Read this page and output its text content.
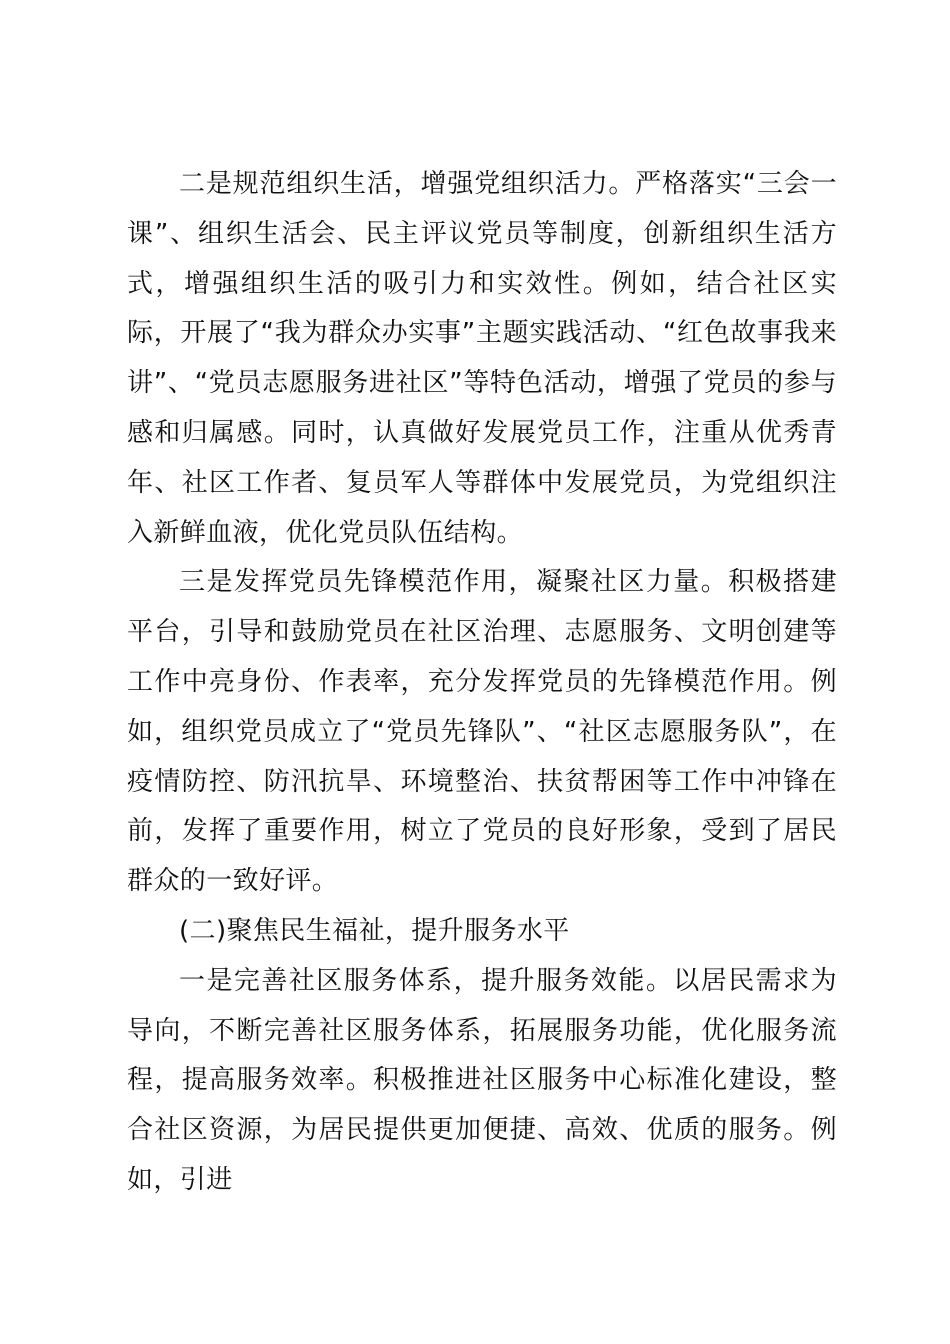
二是规范组织生活，增强党组织活力。严格落实“三会一课”、组织生活会、民主评议党员等制度，创新组织生活方式，增强组织生活的吸引力和实效性。例如，结合社区实际，开展了“我为群众办实事”主题实践活动、“红色故事我来讲”、“党员志愿服务进社区”等特色活动，增强了党员的参与感和归属感。同时，认真做好发展党员工作，注重从优秀青年、社区工作者、复员军人等群体中发展党员，为党组织注入新鲜血液，优化党员队伍结构。

三是发挥党员先锋模范作用，凝聚社区力量。积极搭建平台，引导和鼓励党员在社区治理、志愿服务、文明创建等工作中亮身份、作表率，充分发挥党员的先锋模范作用。例如，组织党员成立了“党员先锋队”、“社区志愿服务队”，在疫情防控、防汛抗旱、环境整治、扶贫帮困等工作中冲锋在前，发挥了重要作用，树立了党员的良好形象，受到了居民群众的一致好评。

(二)聚焦民生福祉，提升服务水平

一是完善社区服务体系，提升服务效能。以居民需求为导向，不断完善社区服务体系，拓展服务功能，优化服务流程，提高服务效率。积极推进社区服务中心标准化建设，整合社区资源，为居民提供更加便捷、高效、优质的服务。例如，引进
